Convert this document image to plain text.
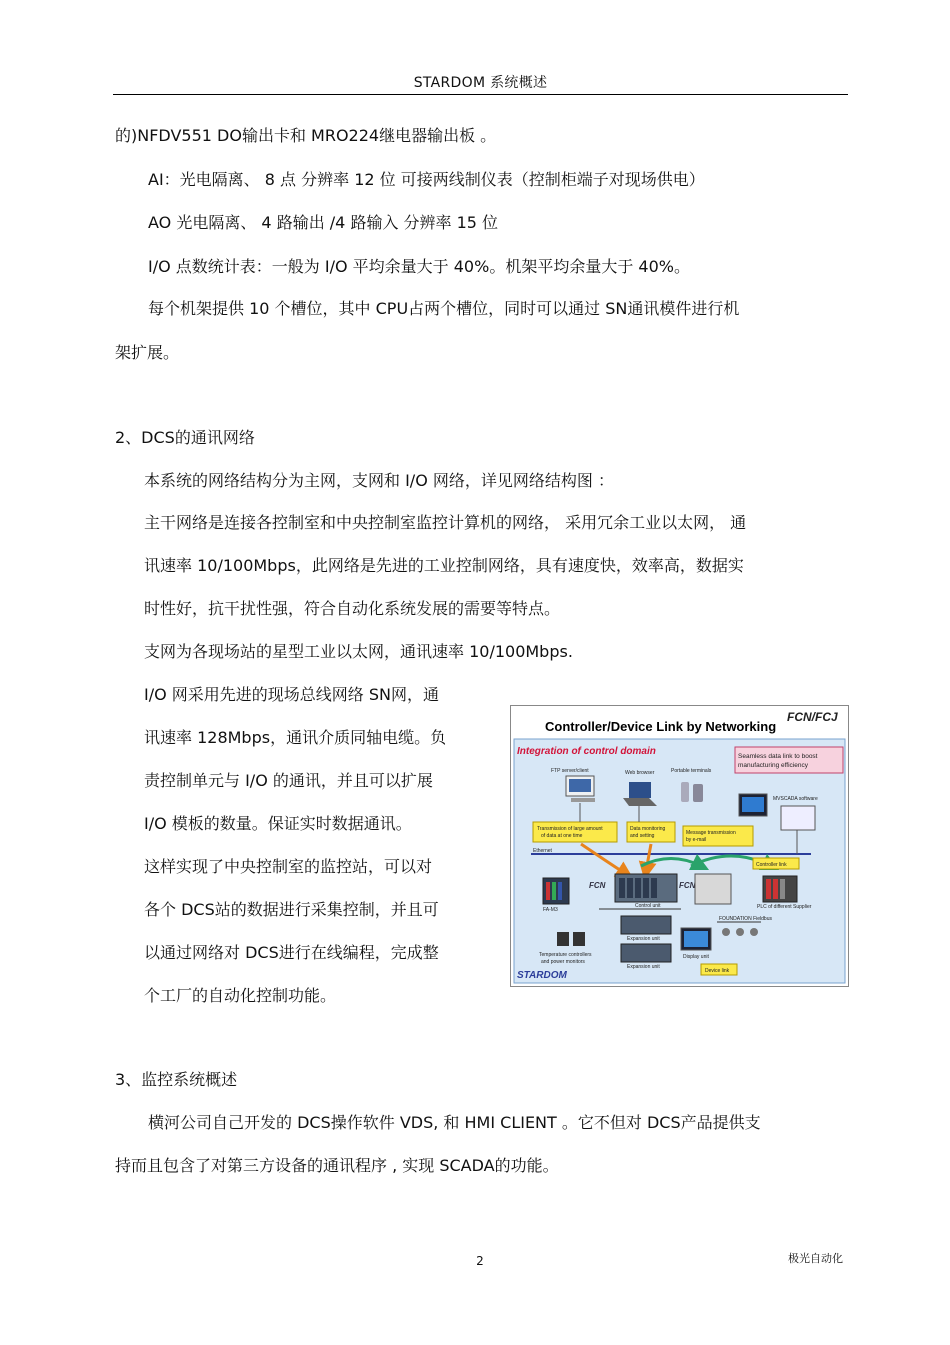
STARDOM 系统概述
的)NFDV551 DO输出卡和 MRO224继电器输出板 。
AI：光电隔离、 8 点 分辨率 12 位 可接两线制仪表（控制柜端子对现场供电）
AO 光电隔离、 4 路输出 /4 路输入 分辨率 15 位
I/O 点数统计表：一般为 I/O 平均余量大于 40%。机架平均余量大于 40%。
每个机架提供 10 个槽位，其中 CPU占两个槽位，同时可以通过 SN通讯模件进行机
架扩展。
2、DCS的通讯网络
本系统的网络结构分为主网，支网和 I/O 网络，详见网络结构图 ：
主干网络是连接各控制室和中央控制室监控计算机的网络， 采用冗余工业以太网， 通
讯速率 10/100Mbps，此网络是先进的工业控制网络，具有速度快，效率高，数据实
时性好，抗干扰性强，符合自动化系统发展的需要等特点。
支网为各现场站的星型工业以太网，通讯速率 10/100Mbps.
I/O 网采用先进的现场总线网络 SN网，通
讯速率 128Mbps，通讯介质同轴电缆。负
责控制单元与 I/O 的通讯，并且可以扩展
I/O 模板的数量。保证实时数据通讯。
这样实现了中央控制室的监控站，可以对
各个 DCS站的数据进行采集控制，并且可
以通过网络对 DCS进行在线编程，完成整
个工厂的自动化控制功能。
3、监控系统概述
横河公司自己开发的 DCS操作软件 VDS, 和 HMI CLIENT 。它不但对 DCS产品提供支
持而且包含了对第三方设备的通讯程序 , 实现 SCADA的功能。
Controller/Device Link by Networking
FCN/FCJ
Integration of control domain	Seamless data link to boost
manufacturing efficiency
FTP server/client	Web browser	Portable terminals
MVSCADA software
Transmission of large amount
of data at one time
Data monitoring
and setting	Message transmission
by e-mail
Ethernet
Controller link
FA-M3
FCN
Control unit
FCN
PLC of different Supplier
FOUNDATION Fieldbus
Expansion unit
Expansion unit
Display unit
Temperature controllers
and power monitors
Device link
STARDOM
2	极光自动化
